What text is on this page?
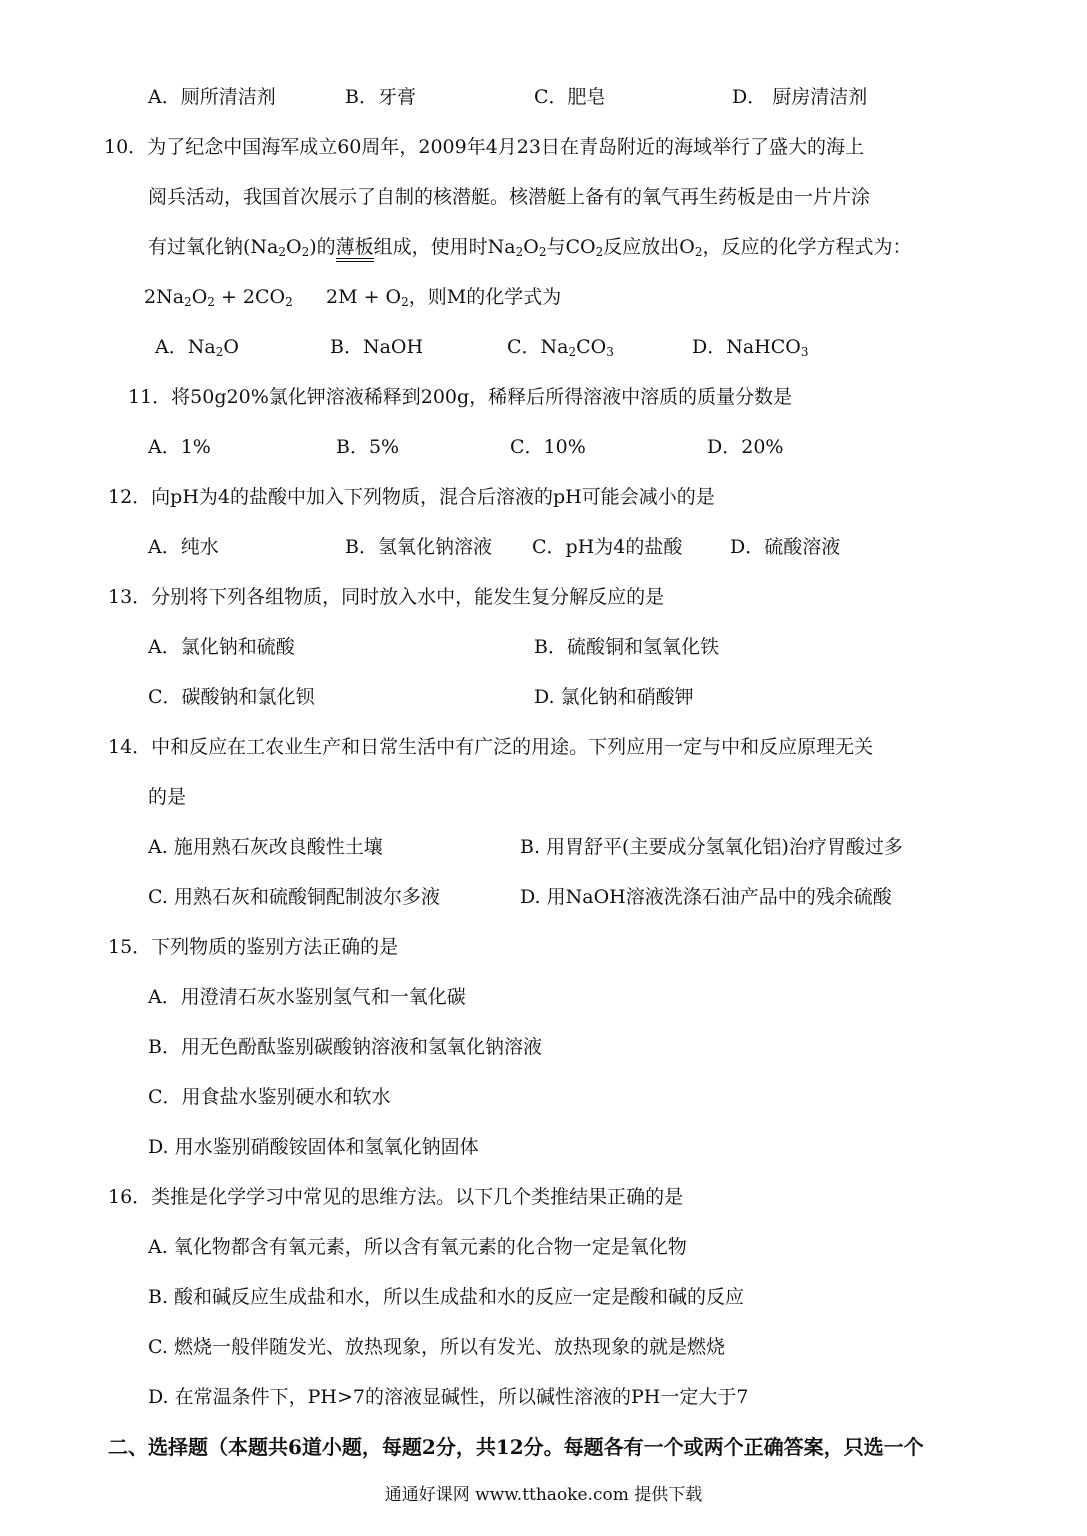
A．厕所清洁剂	B．牙膏	C．肥皂	D． 厨房清洁剂
10．为了纪念中国海军成立60周年，2009年4月23日在青岛附近的海域举行了盛大的海上
阅兵活动，我国首次展示了自制的核潜艇。核潜艇上备有的氧气再生药板是由一片片涂
有过氧化钠$(Na_2O_2)$的薄板组成，使用时$Na_2O_2$与$CO_2$反应放出$O_2$，反应的化学方程式为：
$2Na_2O_2 + 2CO_2$ $2M + O_2$，则M的化学式为
A．$Na_2O$	B．NaOH	C．$Na_2CO_3$	D．NaHCO$_3$
11．将50g20%氯化钾溶液稀释到200g，稀释后所得溶液中溶质的质量分数是
A．1%	B．5%	C．10%	D．20%
12．向pH为4的盐酸中加入下列物质，混合后溶液的pH可能会减小的是
A．纯水	B．氢氧化钠溶液 C．pH为4的盐酸	D．硫酸溶液
13．分别将下列各组物质，同时放入水中，能发生复分解反应的是
A．氯化钠和硫酸	B．硫酸铜和氢氧化铁
C．碳酸钠和氯化钡	D. 氯化钠和硝酸钾
14．中和反应在工农业生产和日常生活中有广泛的用途。下列应用一定与中和反应原理无关
的是
A. 施用熟石灰改良酸性土壤	B. 用胃舒平(主要成分氢氧化铝)治疗胃酸过多
C. 用熟石灰和硫酸铜配制波尔多液	D. 用NaOH溶液洗涤石油产品中的残余硫酸
15．下列物质的鉴别方法正确的是
A．用澄清石灰水鉴别氢气和一氧化碳
B．用无色酚酞鉴别碳酸钠溶液和氢氧化钠溶液
C．用食盐水鉴别硬水和软水
D. 用水鉴别硝酸铵固体和氢氧化钠固体
16．类推是化学学习中常见的思维方法。以下几个类推结果正确的是
A. 氧化物都含有氧元素，所以含有氧元素的化合物一定是氧化物
B. 酸和碱反应生成盐和水，所以生成盐和水的反应一定是酸和碱的反应
C. 燃烧一般伴随发光、放热现象，所以有发光、放热现象的就是燃烧
D. 在常温条件下，PH>7的溶液显碱性，所以碱性溶液的PH一定大于7
二、选择题（本题共6道小题，每题2分，共12分。每题各有一个或两个正确答案，只选一个
通通好课网 www.tthaoke.com 提供下载
